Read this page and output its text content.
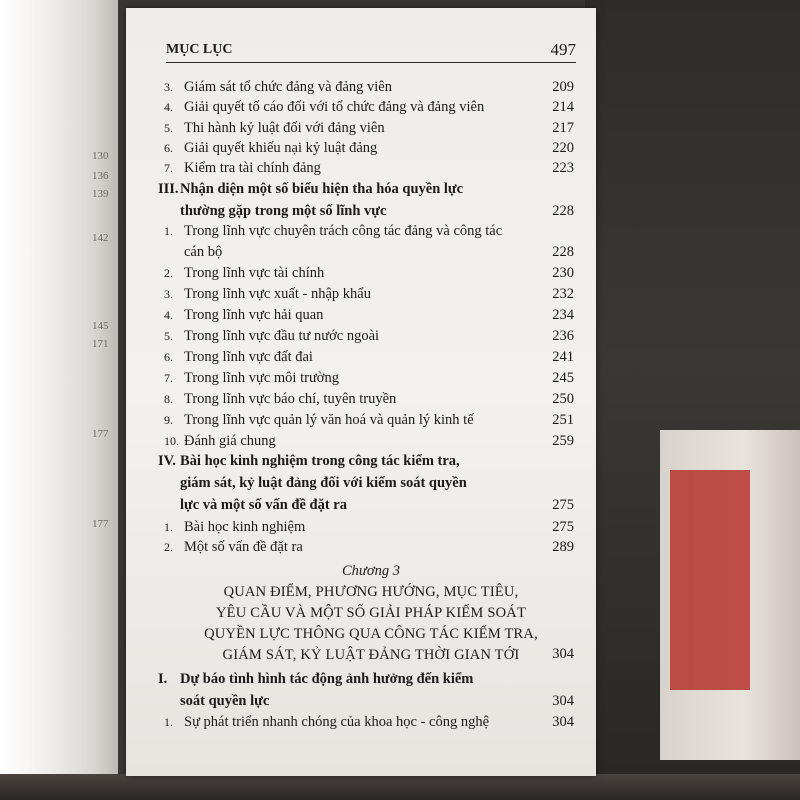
130
136
139
142
145
171
177
177
MỤC LỤC	497
3. Giám sát tổ chức đảng và đảng viên	209
4. Giải quyết tố cáo đối với tổ chức đảng và đảng viên	214
5. Thi hành kỷ luật đối với đảng viên	217
6. Giải quyết khiếu nại kỷ luật đảng	220
7. Kiểm tra tài chính đảng	223
III. Nhận diện một số biểu hiện tha hóa quyền lực
thường gặp trong một số lĩnh vực	228
1. Trong lĩnh vực chuyên trách công tác đảng và công tác
cán bộ	228
2. Trong lĩnh vực tài chính	230
3. Trong lĩnh vực xuất - nhập khẩu	232
4. Trong lĩnh vực hải quan	234
5. Trong lĩnh vực đầu tư nước ngoài	236
6. Trong lĩnh vực đất đai	241
7. Trong lĩnh vực môi trường	245
8. Trong lĩnh vực báo chí, tuyên truyền	250
9. Trong lĩnh vực quản lý văn hoá và quản lý kinh tế	251
10. Đánh giá chung	259
IV. Bài học kinh nghiệm trong công tác kiểm tra,
giám sát, kỷ luật đảng đối với kiểm soát quyền
lực và một số vấn đề đặt ra	275
1. Bài học kinh nghiệm	275
2. Một số vấn đề đặt ra	289
Chương 3
QUAN ĐIỂM, PHƯƠNG HƯỚNG, MỤC TIÊU,
YÊU CẦU VÀ MỘT SỐ GIẢI PHÁP KIỂM SOÁT
QUYỀN LỰC THÔNG QUA CÔNG TÁC KIỂM TRA,
GIÁM SÁT, KỶ LUẬT ĐẢNG THỜI GIAN TỚI	304
I. Dự báo tình hình tác động ảnh hưởng đến kiểm
soát quyền lực	304
1. Sự phát triển nhanh chóng của khoa học - công nghệ	304
